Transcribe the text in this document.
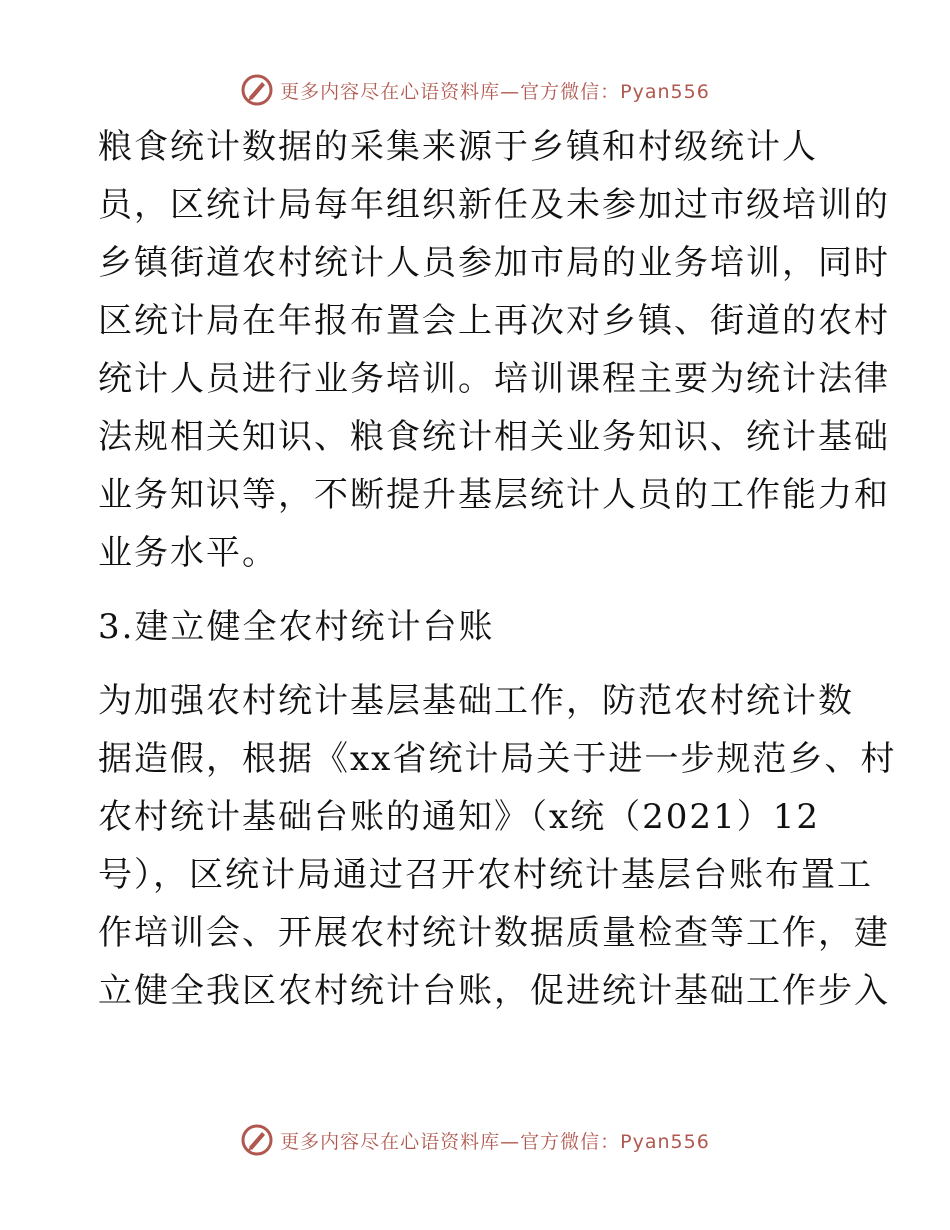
更多内容尽在心语资料库—官方微信：Pyan556
粮食统计数据的采集来源于乡镇和村级统计人
员，区统计局每年组织新任及未参加过市级培训的
乡镇街道农村统计人员参加市局的业务培训，同时
区统计局在年报布置会上再次对乡镇、街道的农村
统计人员进行业务培训。培训课程主要为统计法律
法规相关知识、粮食统计相关业务知识、统计基础
业务知识等，不断提升基层统计人员的工作能力和
业务水平。
3.建立健全农村统计台账
为加强农村统计基层基础工作，防范农村统计数
据造假，根据《xx省统计局关于进一步规范乡、村
农村统计基础台账的通知》（x统（2021）12
号），区统计局通过召开农村统计基层台账布置工
作培训会、开展农村统计数据质量检查等工作，建
立健全我区农村统计台账，促进统计基础工作步入
更多内容尽在心语资料库—官方微信：Pyan556
